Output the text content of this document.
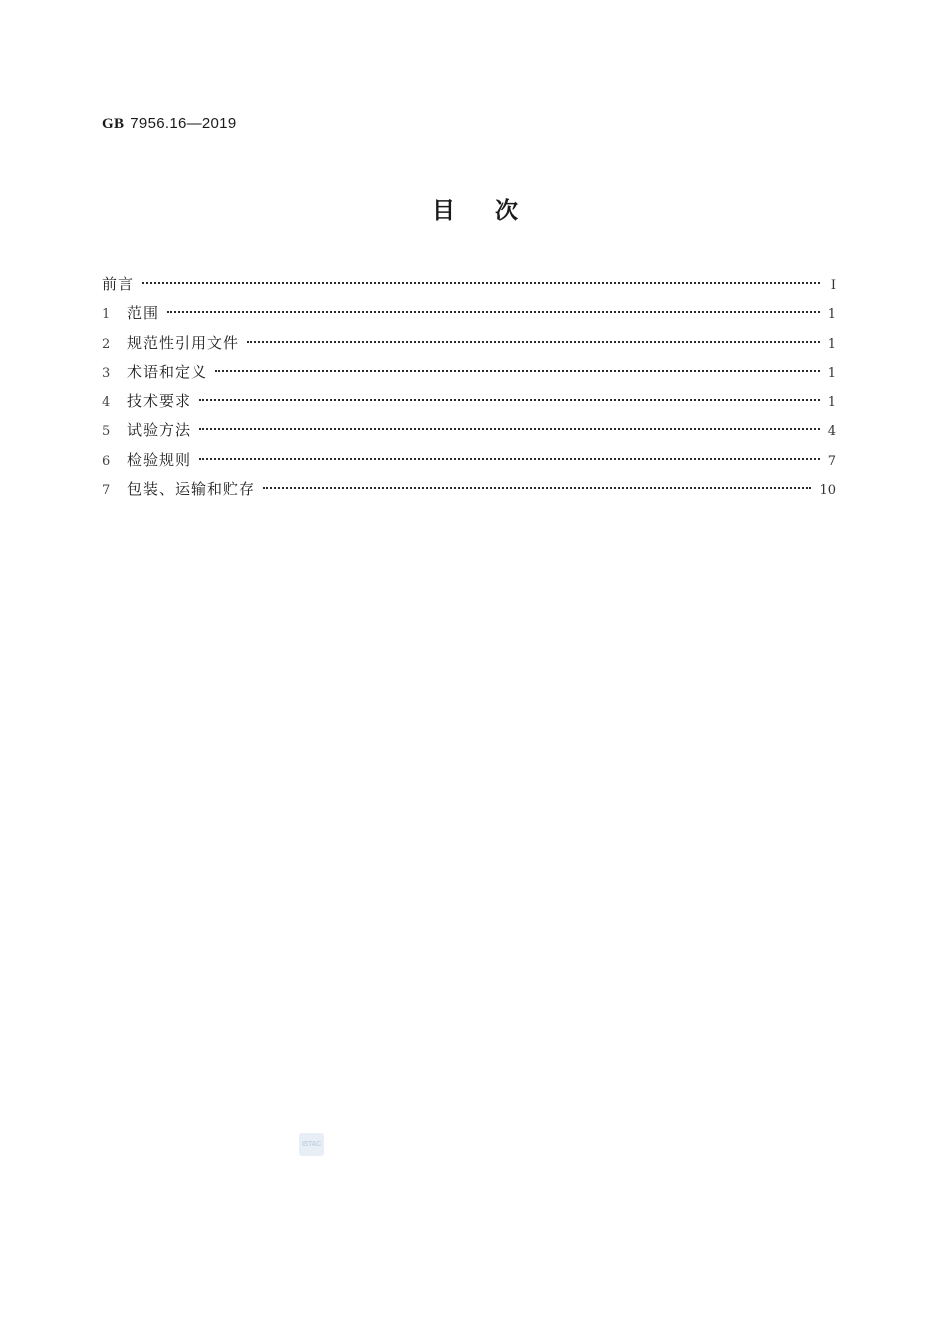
GB 7956.16—2019
目 次
前言	Ⅰ
1	范围	1
2	规范性引用文件	1
3	术语和定义	1
4	技术要求	1
5	试验方法	4
6	检验规则	7
7	包装、运输和贮存	10
ISTAC
